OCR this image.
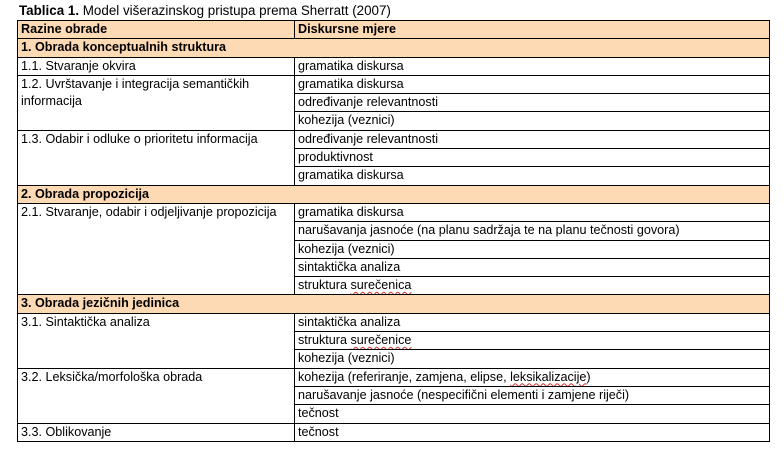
Tablica 1. Model višerazinskog pristupa prema Sherratt (2007)
Razine obrade	Diskursne mjere
1. Obrada konceptualnih struktura	
1.1. Stvaranje okvira	gramatika diskursa
1.2. Uvrštavanje i integracija semantičkih informacija	gramatika diskursa
	određivanje relevantnosti
	kohezija (veznici)
1.3. Odabir i odluke o prioritetu informacija	određivanje relevantnosti
	produktivnost
	gramatika diskursa
2. Obrada propozicija	
2.1. Stvaranje, odabir i odjeljivanje propozicija	gramatika diskursa
	narušavanja jasnoće (na planu sadržaja te na planu tečnosti govora)
	kohezija (veznici)
	sintaktička analiza
	struktura surečenica
3. Obrada jezičnih jedinica	
3.1. Sintaktička analiza	sintaktička analiza
	struktura surečenice
	kohezija (veznici)
3.2. Leksička/morfološka obrada	kohezija (referiranje, zamjena, elipse, leksikalizacije)
	narušavanje jasnoće (nespecifični elementi i zamjene riječi)
	tečnost
3.3. Oblikovanje	tečnost
